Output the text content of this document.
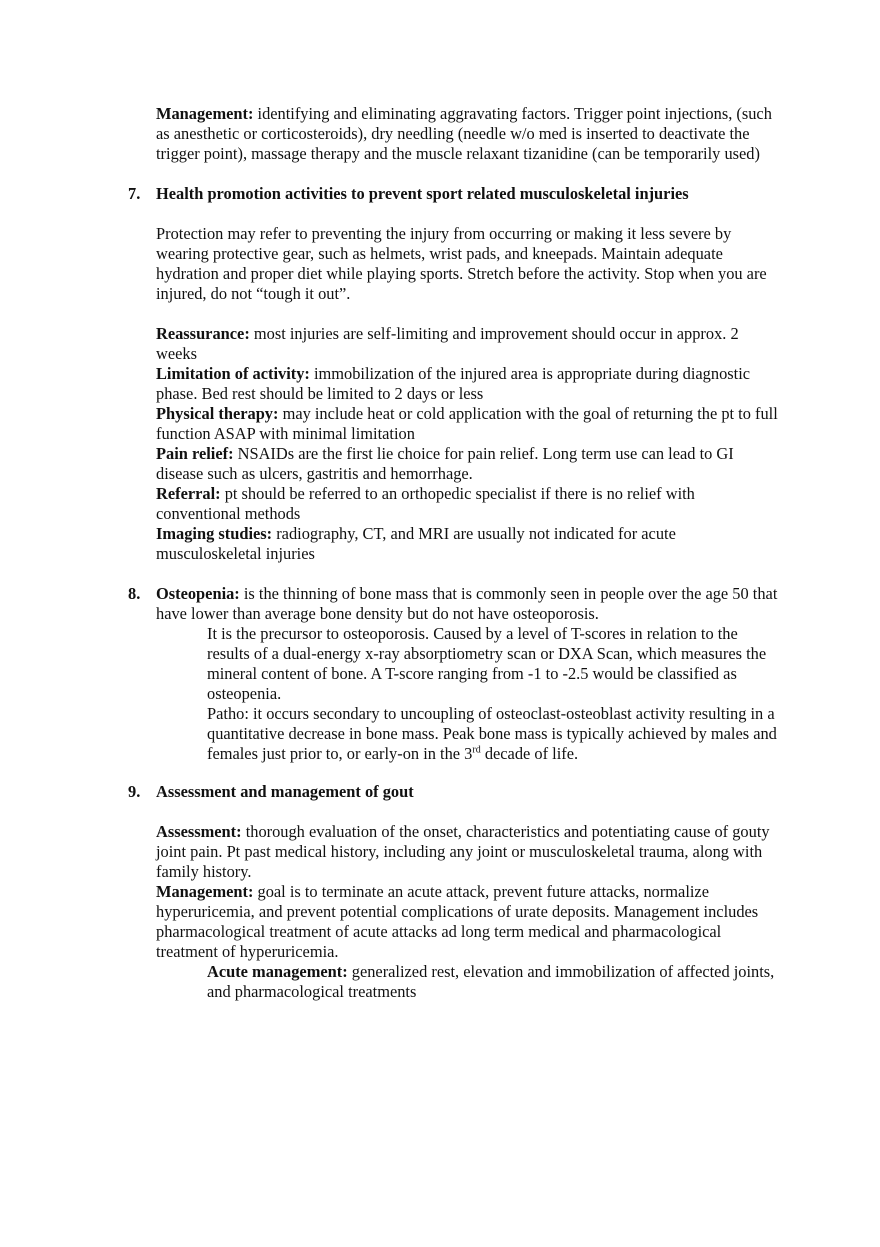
Management: identifying and eliminating aggravating factors. Trigger point injections, (such as anesthetic or corticosteroids), dry needling (needle w/o med is inserted to deactivate the trigger point), massage therapy and the muscle relaxant tizanidine (can be temporarily used)

7. Health promotion activities to prevent sport related musculoskeletal injuries

Protection may refer to preventing the injury from occurring or making it less severe by wearing protective gear, such as helmets, wrist pads, and kneepads. Maintain adequate hydration and proper diet while playing sports. Stretch before the activity. Stop when you are injured, do not “tough it out”.

Reassurance: most injuries are self-limiting and improvement should occur in approx. 2 weeks

Limitation of activity: immobilization of the injured area is appropriate during diagnostic phase. Bed rest should be limited to 2 days or less

Physical therapy: may include heat or cold application with the goal of returning the pt to full function ASAP with minimal limitation

Pain relief: NSAIDs are the first lie choice for pain relief. Long term use can lead to GI disease such as ulcers, gastritis and hemorrhage.

Referral: pt should be referred to an orthopedic specialist if there is no relief with conventional methods

Imaging studies: radiography, CT, and MRI are usually not indicated for acute musculoskeletal injuries

8. Osteopenia: is the thinning of bone mass that is commonly seen in people over the age 50 that have lower than average bone density but do not have osteoporosis.

It is the precursor to osteoporosis. Caused by a level of T-scores in relation to the results of a dual-energy x-ray absorptiometry scan or DXA Scan, which measures the mineral content of bone. A T-score ranging from -1 to -2.5 would be classified as osteopenia.

Patho: it occurs secondary to uncoupling of osteoclast-osteoblast activity resulting in a quantitative decrease in bone mass. Peak bone mass is typically achieved by males and females just prior to, or early-on in the 3rd decade of life.

9. Assessment and management of gout

Assessment: thorough evaluation of the onset, characteristics and potentiating cause of gouty joint pain. Pt past medical history, including any joint or musculoskeletal trauma, along with family history.

Management: goal is to terminate an acute attack, prevent future attacks, normalize hyperuricemia, and prevent potential complications of urate deposits. Management includes pharmacological treatment of acute attacks ad long term medical and pharmacological treatment of hyperuricemia.

Acute management: generalized rest, elevation and immobilization of affected joints, and pharmacological treatments
